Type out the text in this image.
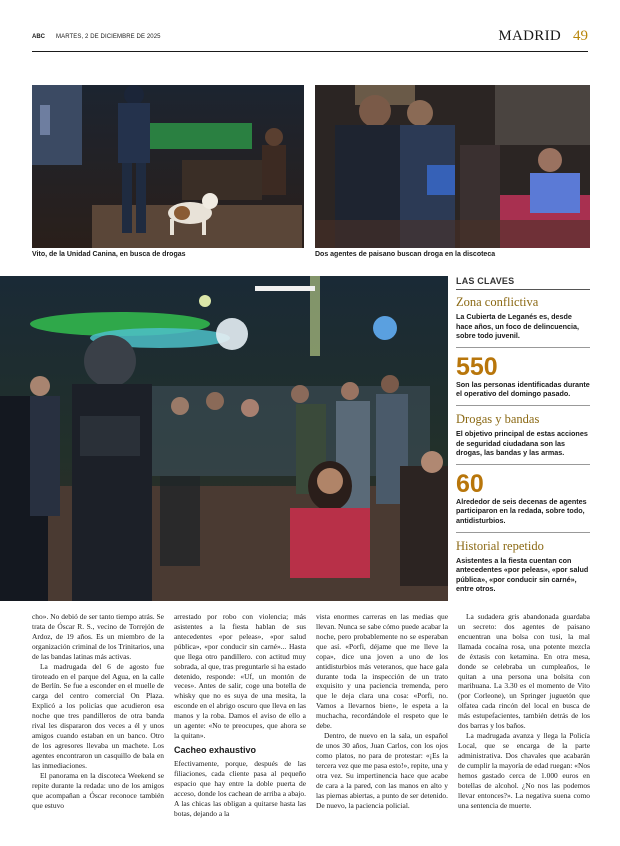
ABC MARTES, 2 DE DICIEMBRE DE 2025	MADRID 49
Vito, de la Unidad Canina, en busca de drogas	Dos agentes de paisano buscan droga en la discoteca
LAS CLAVES
Zona conflictiva
La Cubierta de Leganés es, desde hace años, un foco de delincuencia, sobre todo juvenil.
550
Son las personas identificadas durante el operativo del domingo pasado.
Drogas y bandas
El objetivo principal de estas acciones de seguridad ciudadana son las drogas, las bandas y las armas.
60
Alrededor de seis decenas de agentes participaron en la redada, sobre todo, antidisturbios.
Historial repetido
Asistentes a la fiesta cuentan con antecedentes «por peleas», «por salud pública», «por conducir sin carné», entre otros.

cho». No debió de ser tanto tiempo atrás. Se trata de Óscar R. S., vecino de Torrejón de Ardoz, de 19 años. Es un miembro de la organización criminal de los Trinitarios, una de las bandas latinas más activas.

La madrugada del 6 de agosto fue tiroteado en el parque del Agua, en la calle de Berlín. Se fue a esconder en el muelle de carga del centro comercial On Plaza. Explicó a los policías que acudieron esa noche que tres pandilleros de otra banda rival les dispararon dos veces a él y unos amigos cuando estaban en un banco. Otro de los agresores llevaba un machete. Los agentes encontraron un casquillo de bala en las inmediaciones.

El panorama en la discoteca Weekend se repite durante la redada: uno de los amigos que acompañan a Óscar reconoce también que estuvo

arrestado por robo con violencia; más asistentes a la fiesta hablan de sus antecedentes «por peleas», «por salud pública», «por conducir sin carné»... Hasta que llega otro pandillero. con actitud muy sobrada, al que, tras preguntarle si ha estado detenido, responde: «Uf, un montón de veces». Antes de salir, coge una botella de whisky que no es suya de una mesita, la esconde en el abrigo oscuro que lleva en las manos y la roba. Damos el aviso de ello a un agente: «No te preocupes, que ahora se la quitan».

Cacheo exhaustivo

Efectivamente, porque, después de las filiaciones, cada cliente pasa al pequeño espacio que hay entre la doble puerta de acceso, donde los cachean de arriba a abajo. A las chicas las obligan a quitarse hasta las botas, dejando a la

vista enormes carreras en las medias que llevan. Nunca se sabe cómo puede acabar la noche, pero probablemente no se esperaban que así. «Porfi, déjame que me lleve la copa», dice una joven a uno de los antidisturbios más veteranos, que hace gala durante toda la inspección de un trato exquisito y una paciencia tremenda, pero que le deja clara una cosa: «Porfi, no. Vamos a llevarnos bien», le espeta a la muchacha, recordándole el respeto que le debe.

Dentro, de nuevo en la sala, un español de unos 30 años, Juan Carlos, con los ojos como platos, no para de protestar: «¡Es la tercera vez que me pasa esto!», repite, una y otra vez. Su impertinencia hace que acabe de cara a la pared, con las manos en alto y las piernas abiertas, a punto de ser detenido. De nuevo, la paciencia policial.

La sudadera gris abandonada guardaba un secreto: dos agentes de paisano encuentran una bolsa con tusi, la mal llamada cocaína rosa, una potente mezcla de éxtasis con ketamina. En otra mesa, donde se celebraba un cumpleaños, le quitan a una persona una bolsita con marihuana. La 3.30 es el momento de Vito (por Corleone), un Springer juguetón que olfatea cada rincón del local en busca de más estupefacientes, también detrás de los dos barras y los baños.

La madrugada avanza y llega la Policía Local, que se encarga de la parte administrativa. Dos chavales que acabarán de cumplir la mayoría de edad ruegan: «Nos hemos gastado cerca de 1.000 euros en botellas de alcohol. ¿No nos las podemos llevar entonces?». La negativa suena como una sentencia de muerte.
